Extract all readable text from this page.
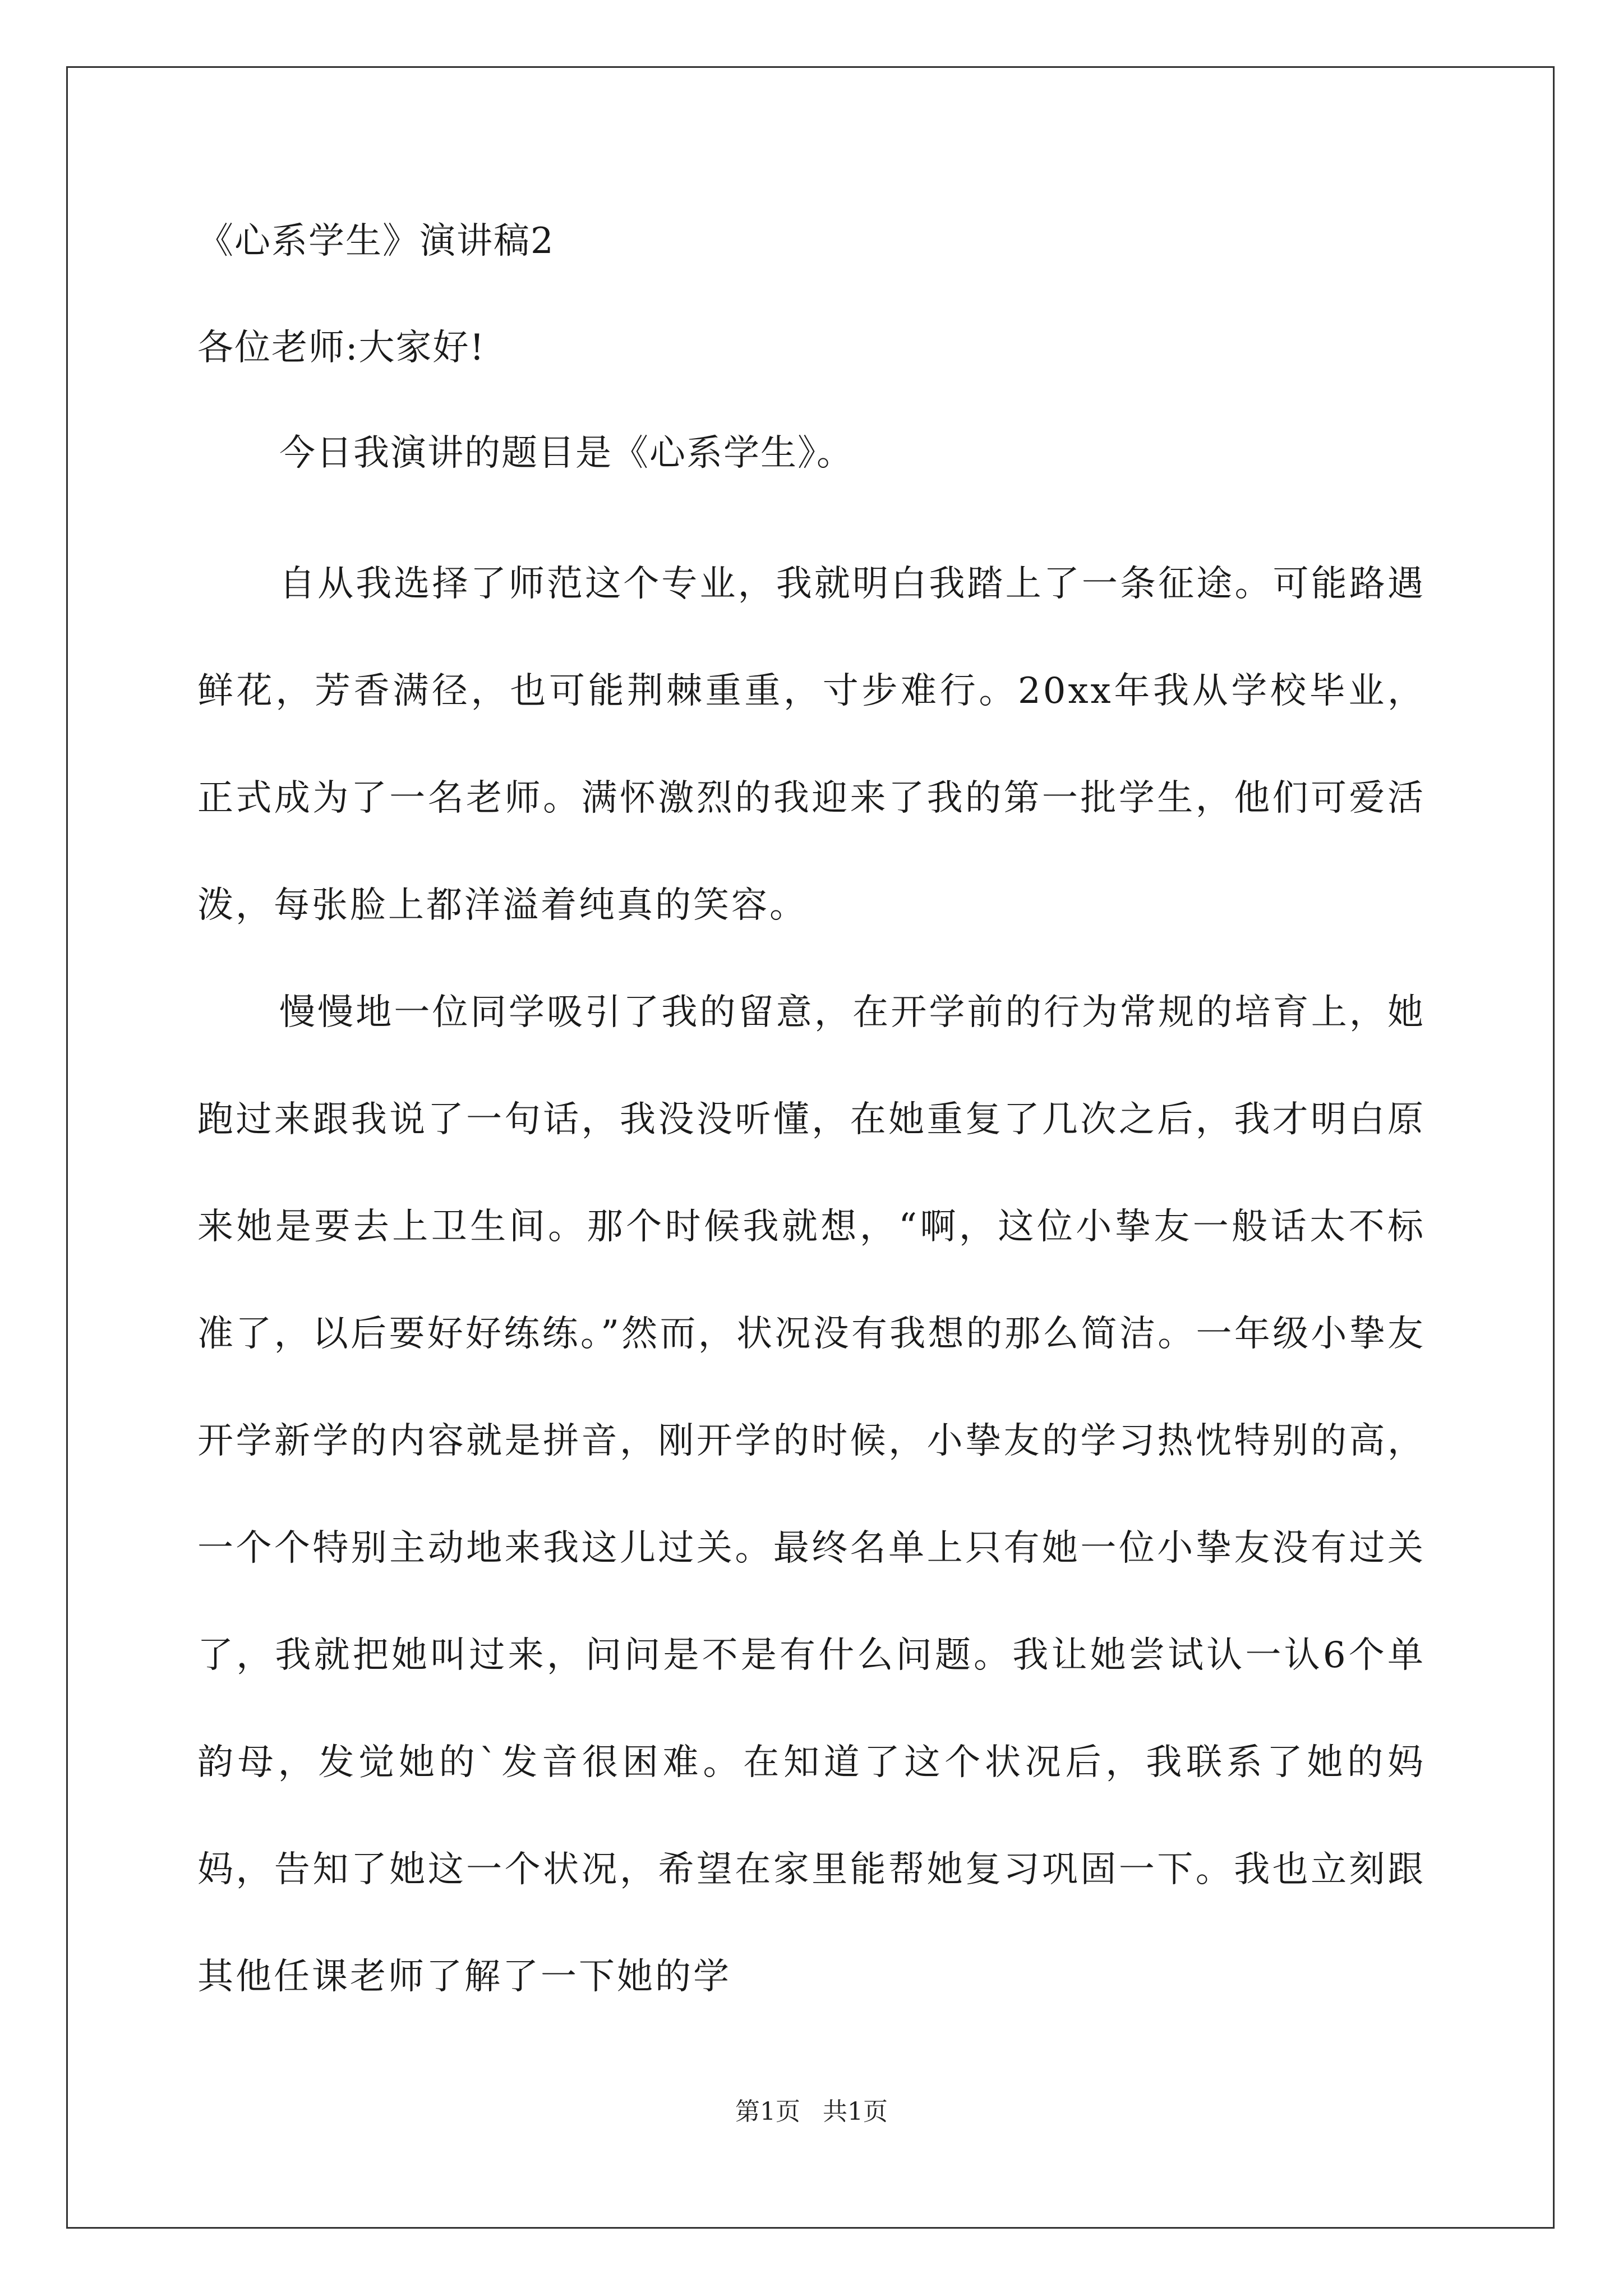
《心系学生》演讲稿2
各位老师:大家好!
今日我演讲的题目是《心系学生》。

自从我选择了师范这个专业，我就明白我踏上了一条征途。可能路遇鲜花，芳香满径，也可能荆棘重重，寸步难行。20xx年我从学校毕业，正式成为了一名老师。满怀激烈的我迎来了我的第一批学生，他们可爱活泼，每张脸上都洋溢着纯真的笑容。

慢慢地一位同学吸引了我的留意，在开学前的行为常规的培育上，她跑过来跟我说了一句话，我没没听懂，在她重复了几次之后，我才明白原来她是要去上卫生间。那个时候我就想，“啊，这位小挚友一般话太不标准了，以后要好好练练。”然而，状况没有我想的那么简洁。一年级小挚友开学新学的内容就是拼音，刚开学的时候，小挚友的学习热忱特别的高，一个个特别主动地来我这儿过关。最终名单上只有她一位小挚友没有过关了，我就把她叫过来，问问是不是有什么问题。我让她尝试认一认6个单韵母，发觉她的`发音很困难。在知道了这个状况后，我联系了她的妈妈，告知了她这一个状况，希望在家里能帮她复习巩固一下。我也立刻跟其他任课老师了解了一下她的学

第1页 共1页
